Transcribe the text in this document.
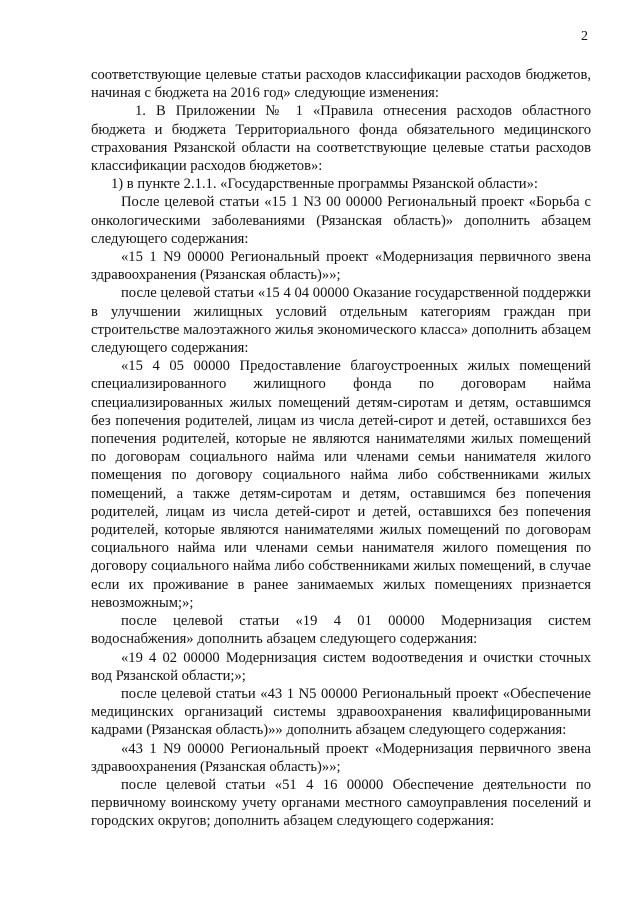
2

соответствующие целевые статьи расходов классификации расходов бюджетов, начиная с бюджета на 2016 год» следующие изменения:

1. В Приложении № 1 «Правила отнесения расходов областного бюджета и бюджета Территориального фонда обязательного медицинского страхования Рязанской области на соответствующие целевые статьи расходов классификации расходов бюджетов»:

1) в пункте 2.1.1. «Государственные программы Рязанской области»:

После целевой статьи «15 1 N3 00 00000 Региональный проект «Борьба с онкологическими заболеваниями (Рязанская область)» дополнить абзацем следующего содержания:

«15 1 N9 00000 Региональный проект «Модернизация первичного звена здравоохранения (Рязанская область)»»;

после целевой статьи «15 4 04 00000 Оказание государственной поддержки в улучшении жилищных условий отдельным категориям граждан при строительстве малоэтажного жилья экономического класса» дополнить абзацем следующего содержания:

«15 4 05 00000 Предоставление благоустроенных жилых помещений специализированного жилищного фонда по договорам найма специализированных жилых помещений детям-сиротам и детям, оставшимся без попечения родителей, лицам из числа детей-сирот и детей, оставшихся без попечения родителей, которые не являются нанимателями жилых помещений по договорам социального найма или членами семьи нанимателя жилого помещения по договору социального найма либо собственниками жилых помещений, а также детям-сиротам и детям, оставшимся без попечения родителей, лицам из числа детей-сирот и детей, оставшихся без попечения родителей, которые являются нанимателями жилых помещений по договорам социального найма или членами семьи нанимателя жилого помещения по договору социального найма либо собственниками жилых помещений, в случае если их проживание в ранее занимаемых жилых помещениях признается невозможным;»;

после целевой статьи «19 4 01 00000 Модернизация систем водоснабжения» дополнить абзацем следующего содержания:

«19 4 02 00000 Модернизация систем водоотведения и очистки сточных вод Рязанской области;»;

после целевой статьи «43 1 N5 00000 Региональный проект «Обеспечение медицинских организаций системы здравоохранения квалифицированными кадрами (Рязанская область)»» дополнить абзацем следующего содержания:

«43 1 N9 00000 Региональный проект «Модернизация первичного звена здравоохранения (Рязанская область)»»;

после целевой статьи «51 4 16 00000 Обеспечение деятельности по первичному воинскому учету органами местного самоуправления поселений и городских округов; дополнить абзацем следующего содержания:
